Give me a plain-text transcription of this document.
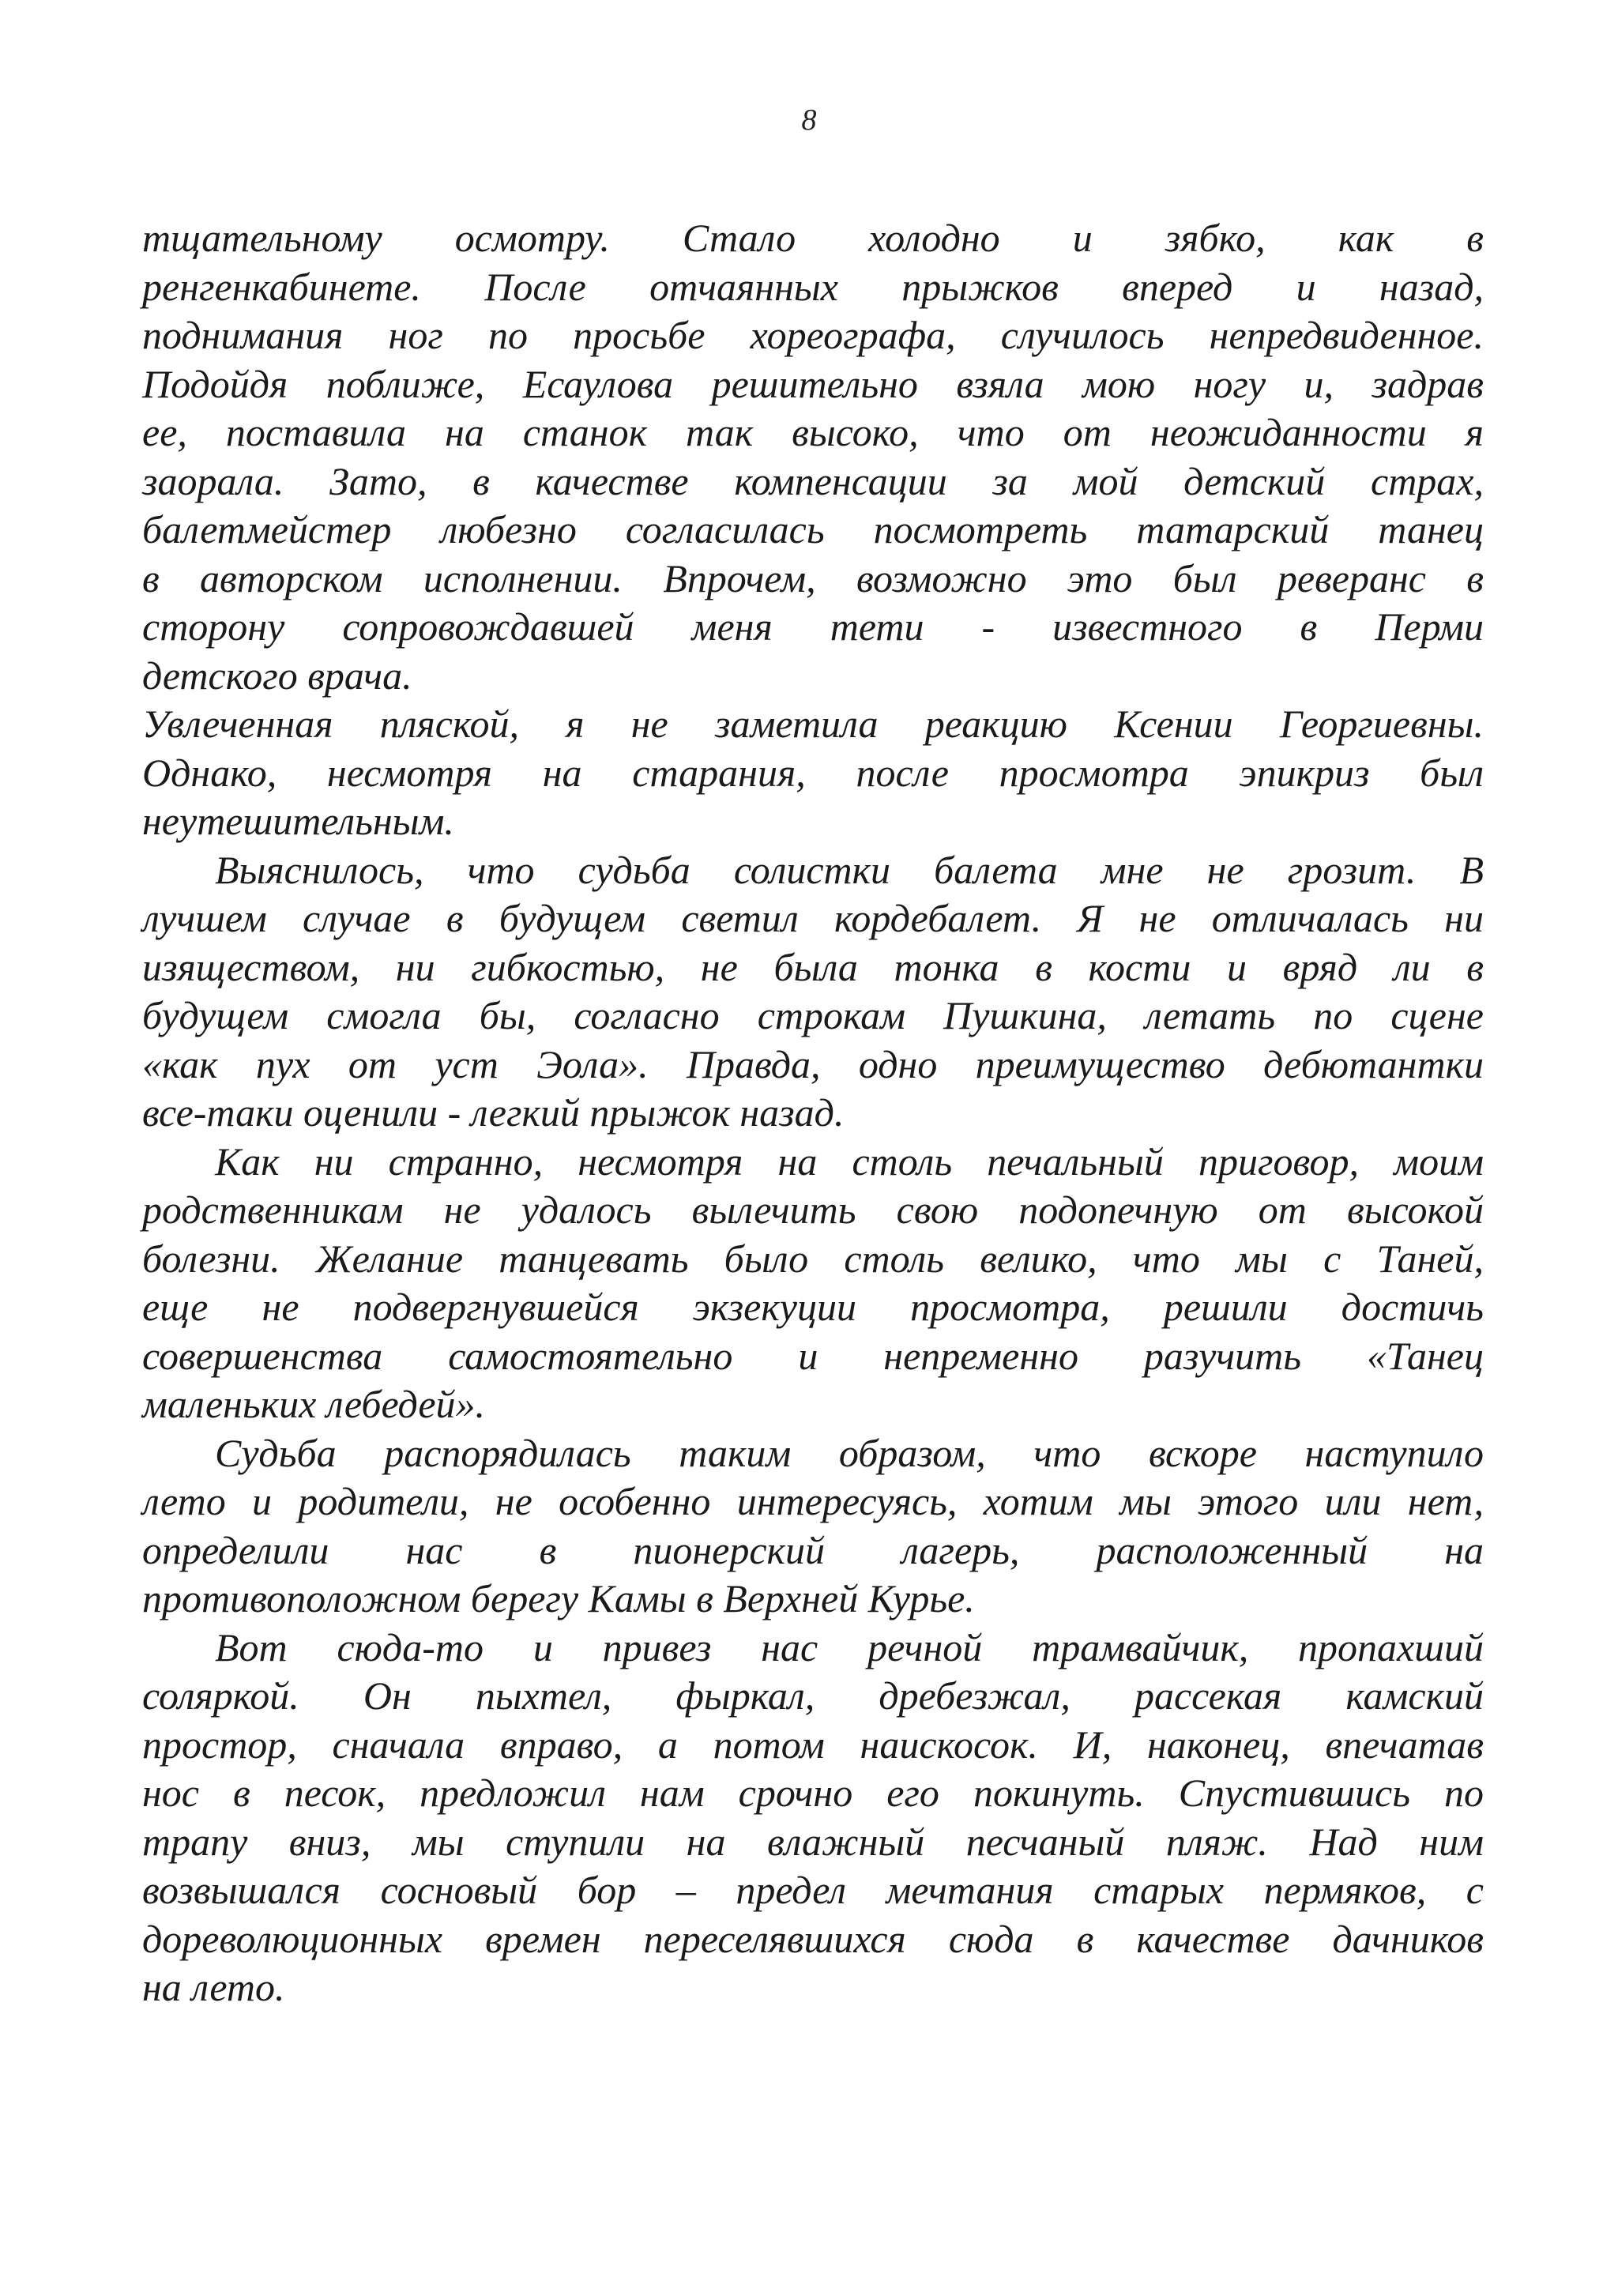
8
тщательному осмотру. Стало холодно и зябко, как в
ренгенкабинете. После отчаянных прыжков вперед и назад,
поднимания ног по просьбе хореографа, случилось непредвиденное.
Подойдя поближе, Есаулова решительно взяла мою ногу и, задрав
ее, поставила на станок так высоко, что от неожиданности я
заорала. Зато, в качестве компенсации за мой детский страх,
балетмейстер любезно согласилась посмотреть татарский танец
в авторском исполнении. Впрочем, возможно это был реверанс в
сторону сопровождавшей меня тети - известного в Перми
детского врача.
Увлеченная пляской, я не заметила реакцию Ксении Георгиевны.
Однако, несмотря на старания, после просмотра эпикриз был
неутешительным.
Выяснилось, что судьба солистки балета мне не грозит. В
лучшем случае в будущем светил кордебалет. Я не отличалась ни
изяществом, ни гибкостью, не была тонка в кости и вряд ли в
будущем смогла бы, согласно строкам Пушкина, летать по сцене
«как пух от уст Эола». Правда, одно преимущество дебютантки
все-таки оценили - легкий прыжок назад.
Как ни странно, несмотря на столь печальный приговор, моим
родственникам не удалось вылечить свою подопечную от высокой
болезни. Желание танцевать было столь велико, что мы с Таней,
еще не подвергнувшейся экзекуции просмотра, решили достичь
совершенства самостоятельно и непременно разучить «Танец
маленьких лебедей».
Судьба распорядилась таким образом, что вскоре наступило
лето и родители, не особенно интересуясь, хотим мы этого или нет,
определили нас в пионерский лагерь, расположенный на
противоположном берегу Камы в Верхней Курье.
Вот сюда-то и привез нас речной трамвайчик, пропахший
соляркой. Он пыхтел, фыркал, дребезжал, рассекая камский
простор, сначала вправо, а потом наискосок. И, наконец, впечатав
нос в песок, предложил нам срочно его покинуть. Спустившись по
трапу вниз, мы ступили на влажный песчаный пляж. Над ним
возвышался сосновый бор – предел мечтания старых пермяков, с
дореволюционных времен переселявшихся сюда в качестве дачников
на лето.
